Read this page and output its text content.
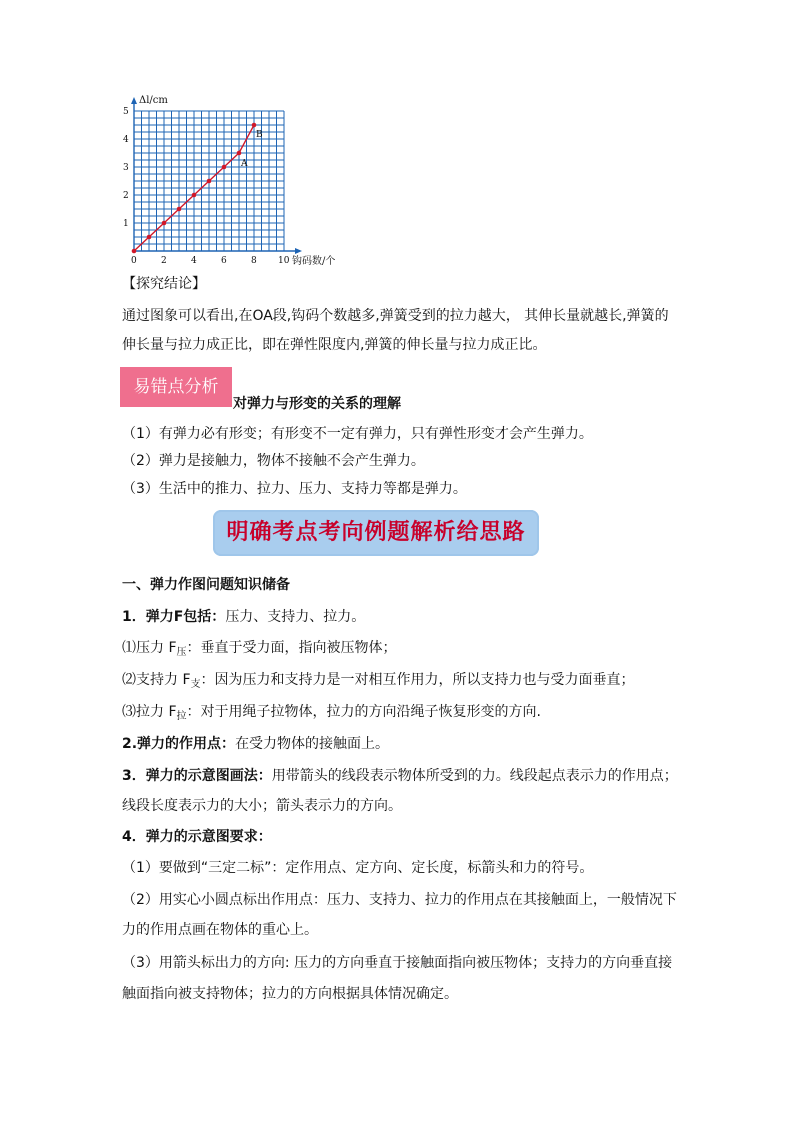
A
B
0	2	4	6	8 10
1
2
3
4
5
Δl/cm
钩码数/个
【探究结论】
通过图象可以看出,在OA段,钩码个数越多,弹簧受到的拉力越大， 其伸长量就越长,弹簧的
伸长量与拉力成正比，即在弹性限度内,弹簧的伸长量与拉力成正比。
易错点分析
对弹力与形变的关系的理解
（1）有弹力必有形变；有形变不一定有弹力，只有弹性形变才会产生弹力。
（2）弹力是接触力，物体不接触不会产生弹力。
（3）生活中的推力、拉力、压力、支持力等都是弹力。
明确考点考向例题解析给思路
一、弹力作图问题知识储备
1．弹力F包括：压力、支持力、拉力。
⑴压力 $F_压$：垂直于受力面，指向被压物体；
⑵支持力 $F_支$：因为压力和支持力是一对相互作用力，所以支持力也与受力面垂直；
⑶拉力 $F_拉$：对于用绳子拉物体，拉力的方向沿绳子恢复形变的方向.
2.弹力的作用点：在受力物体的接触面上。
3．弹力的示意图画法：用带箭头的线段表示物体所受到的力。线段起点表示力的作用点；
线段长度表示力的大小；箭头表示力的方向。
4．弹力的示意图要求：
（1）要做到“三定二标”：定作用点、定方向、定长度，标箭头和力的符号。
（2）用实心小圆点标出作用点：压力、支持力、拉力的作用点在其接触面上，一般情况下
力的作用点画在物体的重心上。
（3）用箭头标出力的方向: 压力的方向垂直于接触面指向被压物体；支持力的方向垂直接
触面指向被支持物体；拉力的方向根据具体情况确定。
